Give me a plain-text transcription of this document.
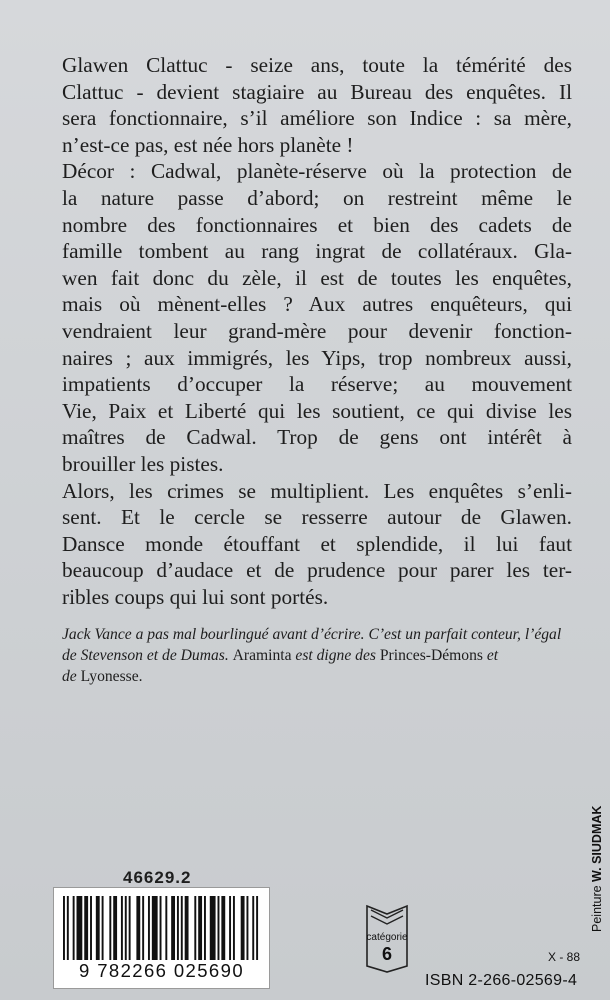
Glawen Clattuc - seize ans, toute la témérité des
Clattuc - devient stagiaire au Bureau des enquêtes. Il
sera fonctionnaire, s’il améliore son Indice : sa mère,
n’est-ce pas, est née hors planète !

Décor : Cadwal, planète-réserve où la protection de
la nature passe d’abord; on restreint même le
nombre des fonctionnaires et bien des cadets de
famille tombent au rang ingrat de collatéraux. Gla-
wen fait donc du zèle, il est de toutes les enquêtes,
mais où mènent-elles ? Aux autres enquêteurs, qui
vendraient leur grand-mère pour devenir fonction-
naires ; aux immigrés, les Yips, trop nombreux aussi,
impatients d’occuper la réserve; au mouvement
Vie, Paix et Liberté qui les soutient, ce qui divise les
maîtres de Cadwal. Trop de gens ont intérêt à
brouiller les pistes.

Alors, les crimes se multiplient. Les enquêtes s’enli-
sent. Et le cercle se resserre autour de Glawen.
Dansce monde étouffant et splendide, il lui faut
beaucoup d’audace et de prudence pour parer les ter-
ribles coups qui lui sont portés.

Jack Vance a pas mal bourlingué avant d’écrire. C’est un parfait conteur, l’égal
de Stevenson et de Dumas. Araminta est digne des Princes-Démons et
de Lyonesse.
46629.2
9 782266 025690
catégorie
6	X - 88
ISBN 2-266-02569-4
Peinture W. SIUDMAK
